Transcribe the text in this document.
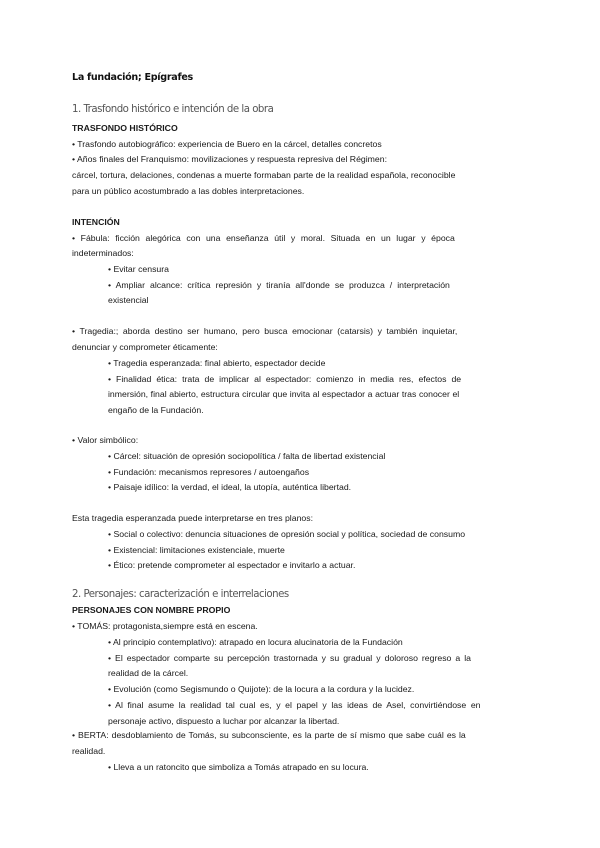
La fundación; Epígrafes
1. Trasfondo histórico e intención de la obra
TRASFONDO HISTÓRICO
• Trasfondo autobiográfico: experiencia de Buero en la cárcel, detalles concretos
• Años finales del Franquismo: movilizaciones y respuesta represiva del Régimen:
cárcel, tortura, delaciones, condenas a muerte formaban parte de la realidad española, reconocible
para un público acostumbrado a las dobles interpretaciones.
INTENCIÓN
• Fábula: ficción alegórica con una enseñanza útil y moral. Situada en un lugar y época
indeterminados:
• Evitar censura
• Ampliar alcance: crítica represión y tiranía all'donde se produzca / interpretación
existencial
• Tragedia:; aborda destino ser humano, pero busca emocionar (catarsis) y también inquietar,
denunciar y comprometer éticamente:
• Tragedia esperanzada: final abierto, espectador decide
• Finalidad ética: trata de implicar al espectador: comienzo in media res, efectos de
inmersión, final abierto, estructura circular que invita al espectador a actuar tras conocer el
engaño de la Fundación.
• Valor simbólico:
• Cárcel: situación de opresión sociopolítica / falta de libertad existencial
• Fundación: mecanismos represores / autoengaños
• Paisaje idílico: la verdad, el ideal, la utopía, auténtica libertad.
Esta tragedia esperanzada puede interpretarse en tres planos:
• Social o colectivo: denuncia situaciones de opresión social y política, sociedad de consumo
• Existencial: limitaciones existenciale, muerte
• Ético: pretende comprometer al espectador e invitarlo a actuar.
2. Personajes: caracterización e interrelaciones
PERSONAJES CON NOMBRE PROPIO
• TOMÁS: protagonista,siempre está en escena.
• Al principio contemplativo): atrapado en locura alucinatoria de la Fundación
• El espectador comparte su percepción trastornada y su gradual y doloroso regreso a la
realidad de la cárcel.
• Evolución (como Segismundo o Quijote): de la locura a la cordura y la lucidez.
• Al final asume la realidad tal cual es, y el papel y las ideas de Asel, convirtiéndose en
personaje activo, dispuesto a luchar por alcanzar la libertad.
• BERTA: desdoblamiento de Tomás, su subconsciente, es la parte de sí mismo que sabe cuál es la
realidad.
• Lleva a un ratoncito que simboliza a Tomás atrapado en su locura.
